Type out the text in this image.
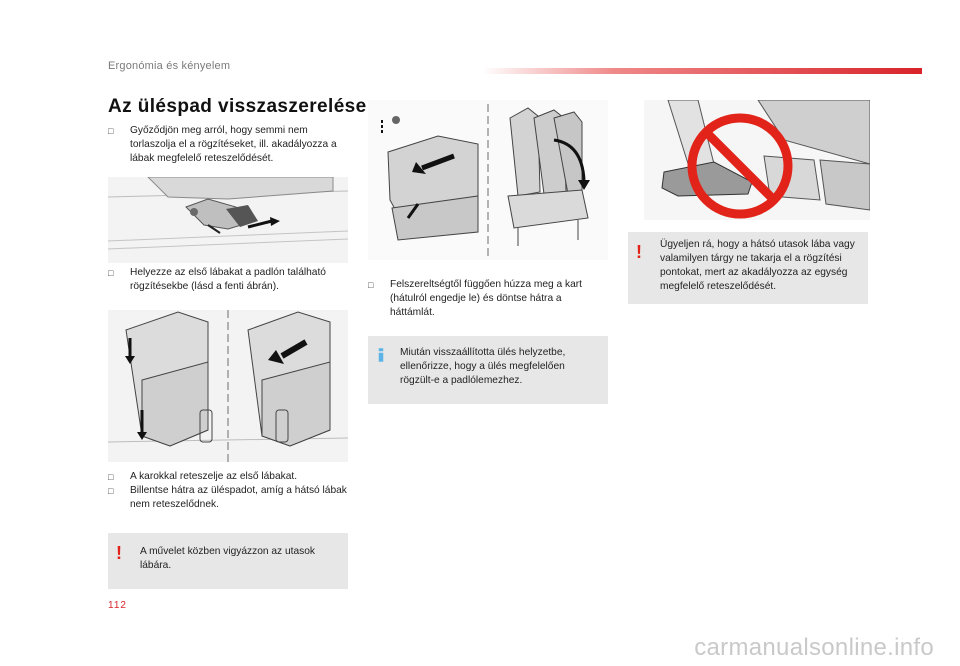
Ergonómia és kényelem
Az üléspad visszaszerelése

□ Győződjön meg arról, hogy semmi nem torlaszolja el a rögzítéseket, ill. akadályozza a lábak megfelelő reteszelődését.

□ Helyezze az első lábakat a padlón található rögzítésekbe (lásd a fenti ábrán).

□ A karokkal reteszelje az első lábakat.

□ Billentse hátra az üléspadot, amíg a hátsó lábak nem reteszelődnek.

! A művelet közben vigyázzon az utasok lábára.

□ Felszereltségtől függően húzza meg a kart (hátulról engedje le) és döntse hátra a háttámlát.

Miután visszaállította ülés helyzetbe, ellenőrizze, hogy a ülés megfelelően rögzült-e a padlólemezhez.
! Ügyeljen rá, hogy a hátsó utasok lába vagy valamilyen tárgy ne takarja el a rögzítési pontokat, mert az akadályozza az egység megfelelő reteszelődését.
112
carmanualsonline.info
